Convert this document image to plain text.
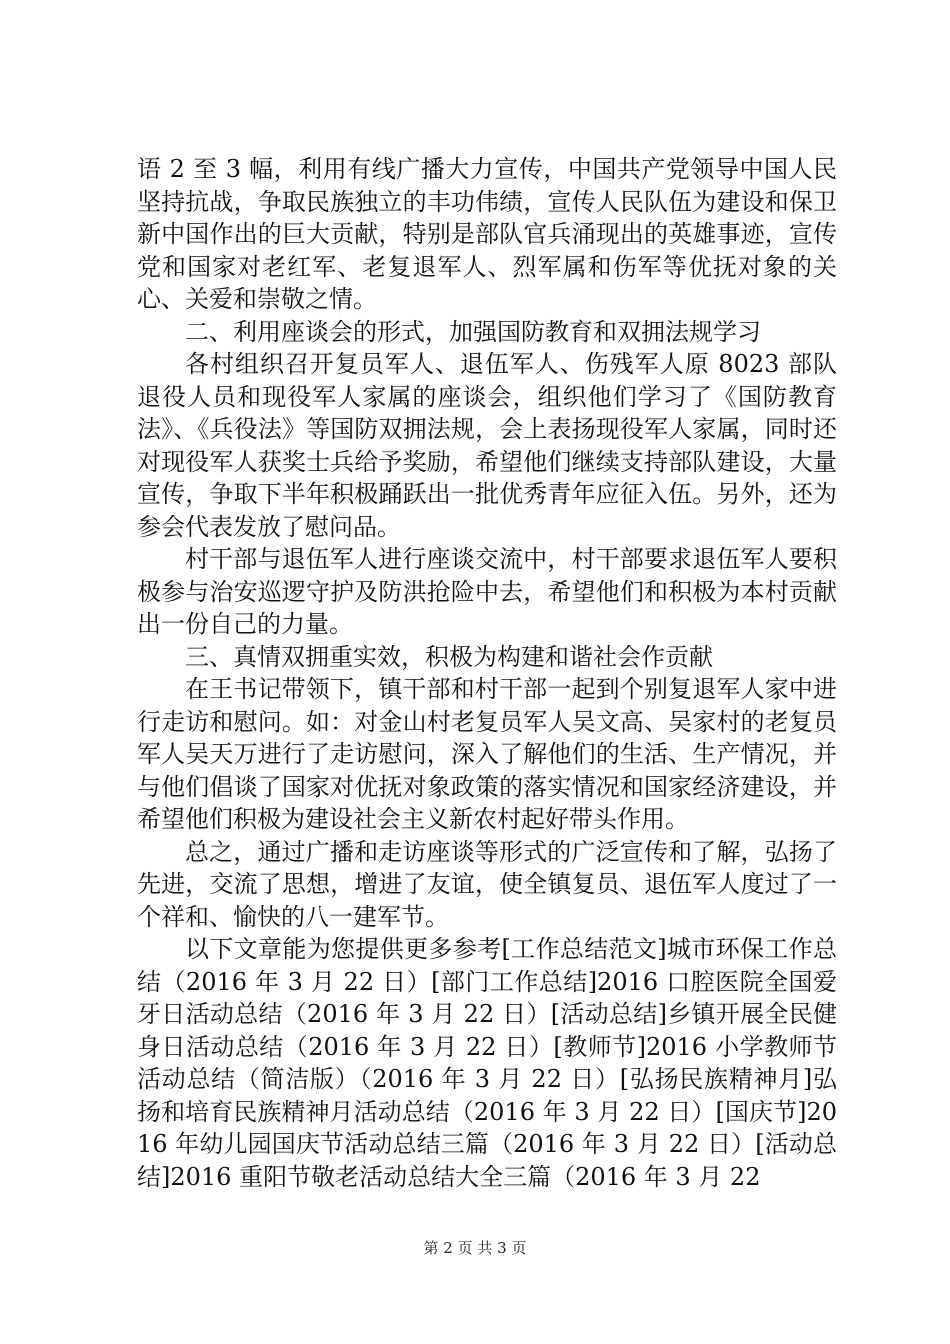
语 2 至 3 幅，利用有线广播大力宣传，中国共产党领导中国人民坚持抗战，争取民族独立的丰功伟绩，宣传人民队伍为建设和保卫新中国作出的巨大贡献，特别是部队官兵涌现出的英雄事迹，宣传党和国家对老红军、老复退军人、烈军属和伤军等优抚对象的关心、关爱和崇敬之情。

二、利用座谈会的形式，加强国防教育和双拥法规学习

各村组织召开复员军人、退伍军人、伤残军人原 8023 部队退役人员和现役军人家属的座谈会，组织他们学习了《国防教育法》、《兵役法》等国防双拥法规，会上表扬现役军人家属，同时还对现役军人获奖士兵给予奖励，希望他们继续支持部队建设，大量宣传，争取下半年积极踊跃出一批优秀青年应征入伍。另外，还为参会代表发放了慰问品。

村干部与退伍军人进行座谈交流中，村干部要求退伍军人要积极参与治安巡逻守护及防洪抢险中去，希望他们和积极为本村贡献出一份自己的力量。

三、真情双拥重实效，积极为构建和谐社会作贡献

在王书记带领下，镇干部和村干部一起到个别复退军人家中进行走访和慰问。如：对金山村老复员军人吴文高、吴家村的老复员军人吴天万进行了走访慰问，深入了解他们的生活、生产情况，并与他们倡谈了国家对优抚对象政策的落实情况和国家经济建设，并希望他们积极为建设社会主义新农村起好带头作用。

总之，通过广播和走访座谈等形式的广泛宣传和了解，弘扬了先进，交流了思想，增进了友谊，使全镇复员、退伍军人度过了一个祥和、愉快的八一建军节。

以下文章能为您提供更多参考[工作总结范文]城市环保工作总结（2016 年 3 月 22 日）[部门工作总结]2016 口腔医院全国爱牙日活动总结（2016 年 3 月 22 日）[活动总结]乡镇开展全民健身日活动总结（2016 年 3 月 22 日）[教师节]2016 小学教师节活动总结（简洁版）（2016 年 3 月 22 日）[弘扬民族精神月]弘扬和培育民族精神月活动总结（2016 年 3 月 22 日）[国庆节]2016 年幼儿园国庆节活动总结三篇（2016 年 3 月 22 日）[活动总结]2016 重阳节敬老活动总结大全三篇（2016 年 3 月 22

第 2 页 共 3 页
